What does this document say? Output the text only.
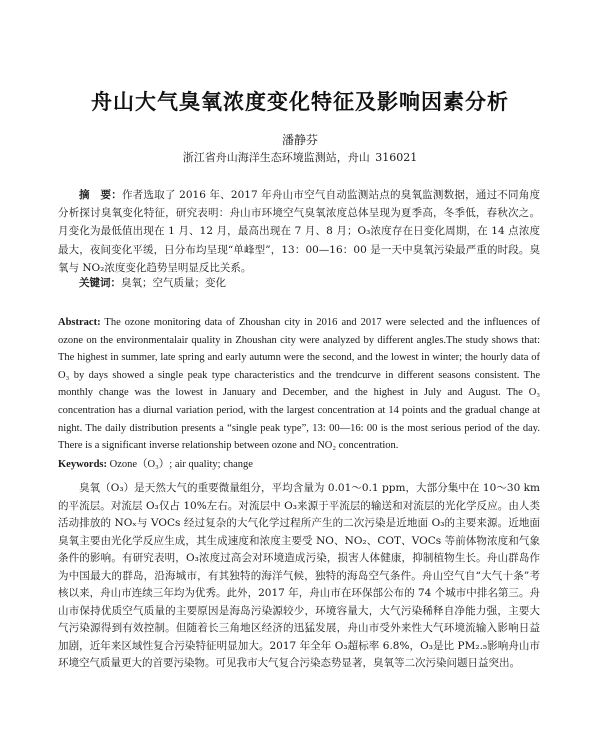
舟山大气臭氧浓度变化特征及影响因素分析

潘静芬

浙江省舟山海洋生态环境监测站，舟山 316021

摘　要：作者选取了 2016 年、2017 年舟山市空气自动监测站点的臭氧监测数据，通过不同角度分析探讨臭氧变化特征，研究表明：舟山市环境空气臭氧浓度总体呈现为夏季高，冬季低，春秋次之。月变化为最低值出现在 1 月、12 月，最高出现在 7 月、8 月；O₃浓度存在日变化周期，在 14 点浓度最大，夜间变化平缓，日分布均呈现“单峰型”，13：00—16：00 是一天中臭氧污染最严重的时段。臭氧与 NO₂浓度变化趋势呈明显反比关系。

关键词：臭氧；空气质量；变化

Abstract: The ozone monitoring data of Zhoushan city in 2016 and 2017 were selected and the influences of ozone on the environmentalair quality in Zhoushan city were analyzed by different angles.The study shows that: The highest in summer, late spring and early autumn were the second, and the lowest in winter; the hourly data of O₃ by days showed a single peak type characteristics and the trendcurve in different seasons consistent. The monthly change was the lowest in January and December, and the highest in July and August. The O₃ concentration has a diurnal variation period, with the largest concentration at 14 points and the gradual change at night. The daily distribution presents a “single peak type”, 13: 00—16: 00 is the most serious period of the day. There is a significant inverse relationship between ozone and NO₂ concentration.

Keywords: Ozone（O₃）; air quality; change

臭氧（O₃）是天然大气的重要微量组分，平均含量为 0.01～0.1 ppm，大部分集中在 10～30 km 的平流层。对流层 O₃仅占 10%左右。对流层中 O₃来源于平流层的输送和对流层的光化学反应。由人类活动排放的 NOₓ与 VOCs 经过复杂的大气化学过程所产生的二次污染是近地面 O₃的主要来源。近地面臭氧主要由光化学反应生成，其生成速度和浓度主要受 NO、NO₂、COT、VOCs 等前体物浓度和气象条件的影响。有研究表明，O₃浓度过高会对环境造成污染，损害人体健康，抑制植物生长。舟山群岛作为中国最大的群岛，沿海城市，有其独特的海洋气候，独特的海岛空气条件。舟山空气自“大气十条”考核以来，舟山市连续三年均为优秀。此外，2017 年，舟山市在环保部公布的 74 个城市中排名第三。舟山市保持优质空气质量的主要原因是海岛污染源较少，环境容量大，大气污染稀释自净能力强，主要大气污染源得到有效控制。但随着长三角地区经济的迅猛发展，舟山市受外来性大气环境流输入影响日益加剧，近年来区域性复合污染特征明显加大。2017 年全年 O₃超标率 6.8%，O₃是比 PM₂.₅影响舟山市环境空气质量更大的首要污染物。可见我市大气复合污染态势显著，臭氧等二次污染问题日益突出。
